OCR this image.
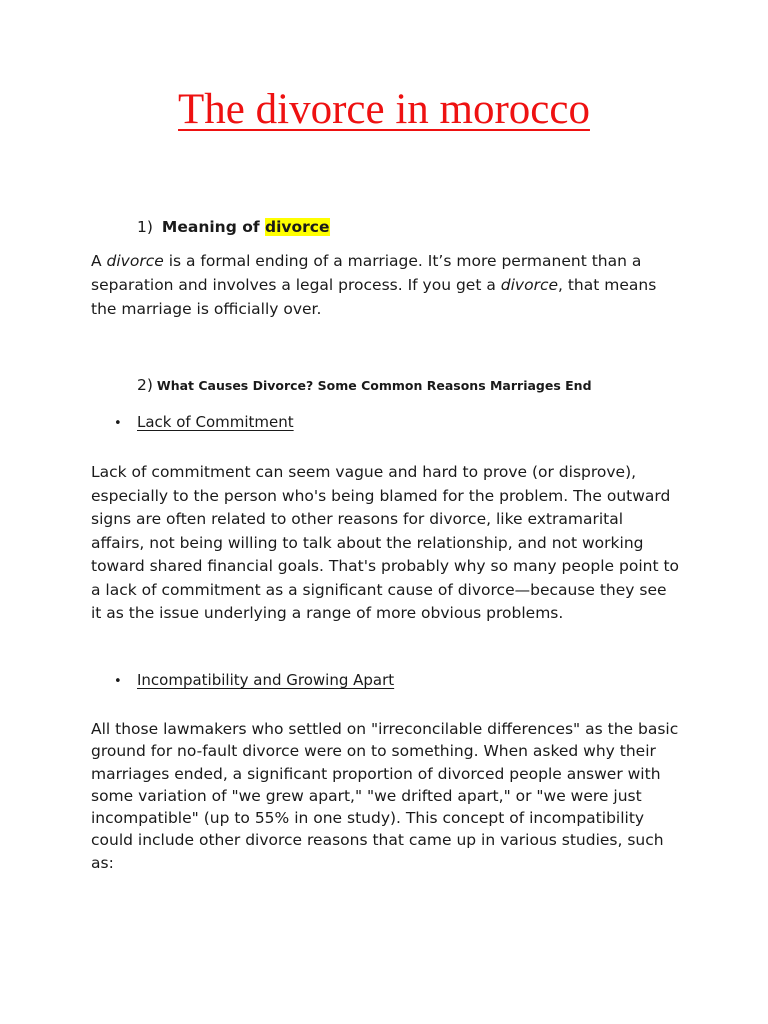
The divorce in morocco
1) Meaning of divorce
A divorce is a formal ending of a marriage. It’s more permanent than a separation and involves a legal process. If you get a divorce, that means the marriage is officially over.
2) What Causes Divorce? Some Common Reasons Marriages End
• Lack of Commitment
Lack of commitment can seem vague and hard to prove (or disprove), especially to the person who's being blamed for the problem. The outward signs are often related to other reasons for divorce, like extramarital affairs, not being willing to talk about the relationship, and not working toward shared financial goals. That's probably why so many people point to a lack of commitment as a significant cause of divorce—because they see it as the issue underlying a range of more obvious problems.
• Incompatibility and Growing Apart
All those lawmakers who settled on "irreconcilable differences" as the basic ground for no-fault divorce were on to something. When asked why their marriages ended, a significant proportion of divorced people answer with some variation of "we grew apart," "we drifted apart," or "we were just incompatible" (up to 55% in one study). This concept of incompatibility could include other divorce reasons that came up in various studies, such as:
